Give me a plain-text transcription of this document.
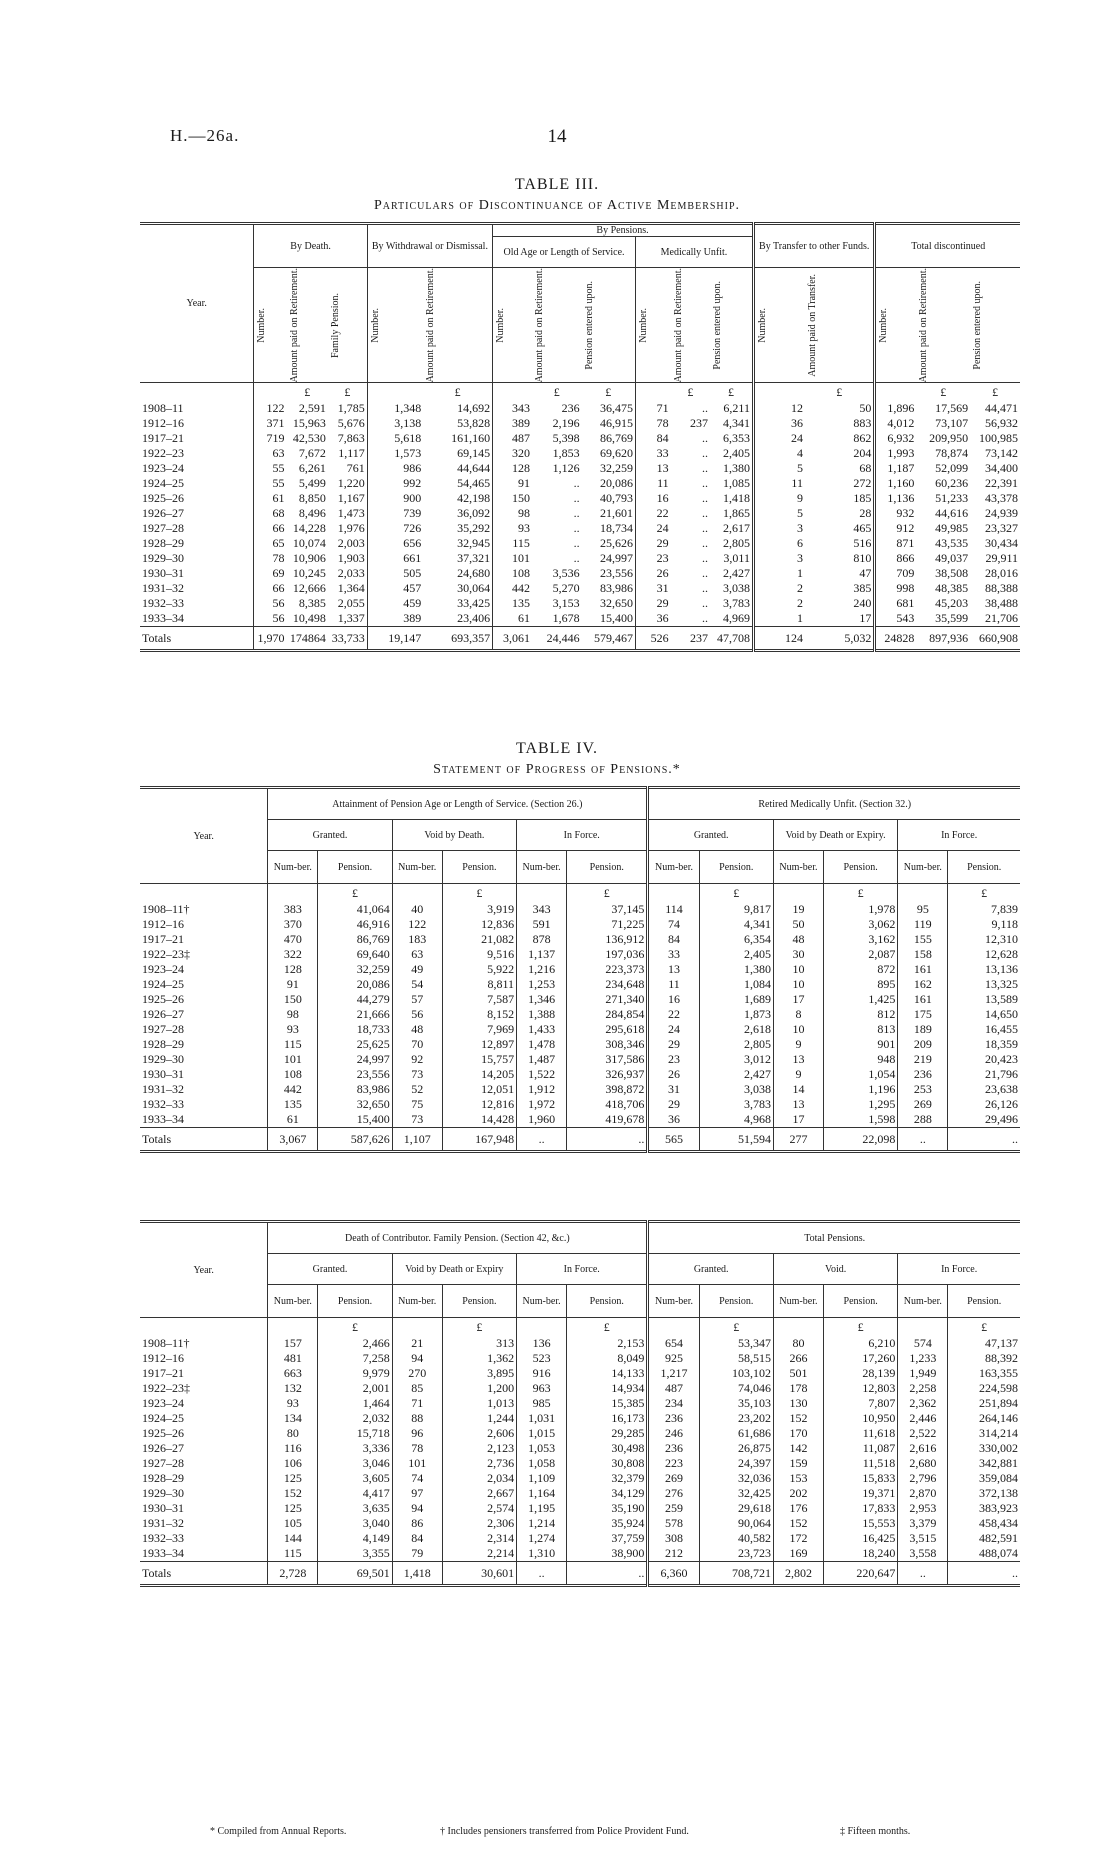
H.—26a.	14
TABLE III.
Particulars of Discontinuance of Active Membership.
Year.	By Death.			By Withdrawal or Dismissal.		By Pensions.						By Transfer to other Funds.		Total discontinued		
						Old Age or Length of Service.			Medically Unfit.							

	Number.	Amount paid on Retirement.	Family Pension.	Number.	Amount paid on Retirement.	Number.	Amount paid on Retirement.	Pension entered upon.	Number.	Amount paid on Retirement.	Pension entered upon.	Number.	Amount paid on Transfer.	Number.	Amount paid on Retirement.	Pension entered upon.

		£	£		£		£	£		£	£		£		£	£
1908–11	122	2,591	1,785	1,348	14,692	343	236	36,475	71	..	6,211	12	50	1,896	17,569	44,471
1912–16	371	15,963	5,676	3,138	53,828	389	2,196	46,915	78	237	4,341	36	883	4,012	73,107	56,932
1917–21	719	42,530	7,863	5,618	161,160	487	5,398	86,769	84	..	6,353	24	862	6,932	209,950	100,985
1922–23	63	7,672	1,117	1,573	69,145	320	1,853	69,620	33	..	2,405	4	204	1,993	78,874	73,142
1923–24	55	6,261	761	986	44,644	128	1,126	32,259	13	..	1,380	5	68	1,187	52,099	34,400
1924–25	55	5,499	1,220	992	54,465	91	..	20,086	11	..	1,085	11	272	1,160	60,236	22,391
1925–26	61	8,850	1,167	900	42,198	150	..	40,793	16	..	1,418	9	185	1,136	51,233	43,378
1926–27	68	8,496	1,473	739	36,092	98	..	21,601	22	..	1,865	5	28	932	44,616	24,939
1927–28	66	14,228	1,976	726	35,292	93	..	18,734	24	..	2,617	3	465	912	49,985	23,327
1928–29	65	10,074	2,003	656	32,945	115	..	25,626	29	..	2,805	6	516	871	43,535	30,434
1929–30	78	10,906	1,903	661	37,321	101	..	24,997	23	..	3,011	3	810	866	49,037	29,911
1930–31	69	10,245	2,033	505	24,680	108	3,536	23,556	26	..	2,427	1	47	709	38,508	28,016
1931–32	66	12,666	1,364	457	30,064	442	5,270	83,986	31	..	3,038	2	385	998	48,385	88,388
1932–33	56	8,385	2,055	459	33,425	135	3,153	32,650	29	..	3,783	2	240	681	45,203	38,488
1933–34	56	10,498	1,337	389	23,406	61	1,678	15,400	36	..	4,969	1	17	543	35,599	21,706
Totals	1,970	174864	33,733	19,147	693,357	3,061	24,446	579,467	526	237	47,708	124	5,032	24828	897,936	660,908
TABLE IV.
Statement of Progress of Pensions.*
Year.	Attainment of Pension Age or Length of Service. (Section 26.)						Retired Medically Unfit. (Section 32.)					
	Granted.		Void by Death.		In Force.		Granted.		Void by Death or Expiry.		In Force.	
	Num-ber.	Pension.	Num-ber.	Pension.	Num-ber.	Pension.	Num-ber.	Pension.	Num-ber.	Pension.	Num-ber.	Pension.
		£		£		£		£		£		£
1908–11†	383	41,064	40	3,919	343	37,145	114	9,817	19	1,978	95	7,839
1912–16	370	46,916	122	12,836	591	71,225	74	4,341	50	3,062	119	9,118
1917–21	470	86,769	183	21,082	878	136,912	84	6,354	48	3,162	155	12,310
1922–23‡	322	69,640	63	9,516	1,137	197,036	33	2,405	30	2,087	158	12,628
1923–24	128	32,259	49	5,922	1,216	223,373	13	1,380	10	872	161	13,136
1924–25	91	20,086	54	8,811	1,253	234,648	11	1,084	10	895	162	13,325
1925–26	150	44,279	57	7,587	1,346	271,340	16	1,689	17	1,425	161	13,589
1926–27	98	21,666	56	8,152	1,388	284,854	22	1,873	8	812	175	14,650
1927–28	93	18,733	48	7,969	1,433	295,618	24	2,618	10	813	189	16,455
1928–29	115	25,625	70	12,897	1,478	308,346	29	2,805	9	901	209	18,359
1929–30	101	24,997	92	15,757	1,487	317,586	23	3,012	13	948	219	20,423
1930–31	108	23,556	73	14,205	1,522	326,937	26	2,427	9	1,054	236	21,796
1931–32	442	83,986	52	12,051	1,912	398,872	31	3,038	14	1,196	253	23,638
1932–33	135	32,650	75	12,816	1,972	418,706	29	3,783	13	1,295	269	26,126
1933–34	61	15,400	73	14,428	1,960	419,678	36	4,968	17	1,598	288	29,496
Totals	3,067	587,626	1,107	167,948	..	..	565	51,594	277	22,098	..	..
Year.	Death of Contributor. Family Pension. (Section 42, &c.)						Total Pensions.					
	Granted.		Void by Death or Expiry		In Force.		Granted.		Void.		In Force.	
	Num-ber.	Pension.	Num-ber.	Pension.	Num-ber.	Pension.	Num-ber.	Pension.	Num-ber.	Pension.	Num-ber.	Pension.
		£		£		£		£		£		£
1908–11†	157	2,466	21	313	136	2,153	654	53,347	80	6,210	574	47,137
1912–16	481	7,258	94	1,362	523	8,049	925	58,515	266	17,260	1,233	88,392
1917–21	663	9,979	270	3,895	916	14,133	1,217	103,102	501	28,139	1,949	163,355
1922–23‡	132	2,001	85	1,200	963	14,934	487	74,046	178	12,803	2,258	224,598
1923–24	93	1,464	71	1,013	985	15,385	234	35,103	130	7,807	2,362	251,894
1924–25	134	2,032	88	1,244	1,031	16,173	236	23,202	152	10,950	2,446	264,146
1925–26	80	15,718	96	2,606	1,015	29,285	246	61,686	170	11,618	2,522	314,214
1926–27	116	3,336	78	2,123	1,053	30,498	236	26,875	142	11,087	2,616	330,002
1927–28	106	3,046	101	2,736	1,058	30,808	223	24,397	159	11,518	2,680	342,881
1928–29	125	3,605	74	2,034	1,109	32,379	269	32,036	153	15,833	2,796	359,084
1929–30	152	4,417	97	2,667	1,164	34,129	276	32,425	202	19,371	2,870	372,138
1930–31	125	3,635	94	2,574	1,195	35,190	259	29,618	176	17,833	2,953	383,923
1931–32	105	3,040	86	2,306	1,214	35,924	578	90,064	152	15,553	3,379	458,434
1932–33	144	4,149	84	2,314	1,274	37,759	308	40,582	172	16,425	3,515	482,591
1933–34	115	3,355	79	2,214	1,310	38,900	212	23,723	169	18,240	3,558	488,074
Totals	2,728	69,501	1,418	30,601	..	..	6,360	708,721	2,802	220,647	..	..
* Compiled from Annual Reports.	† Includes pensioners transferred from Police Provident Fund.	‡ Fifteen months.
